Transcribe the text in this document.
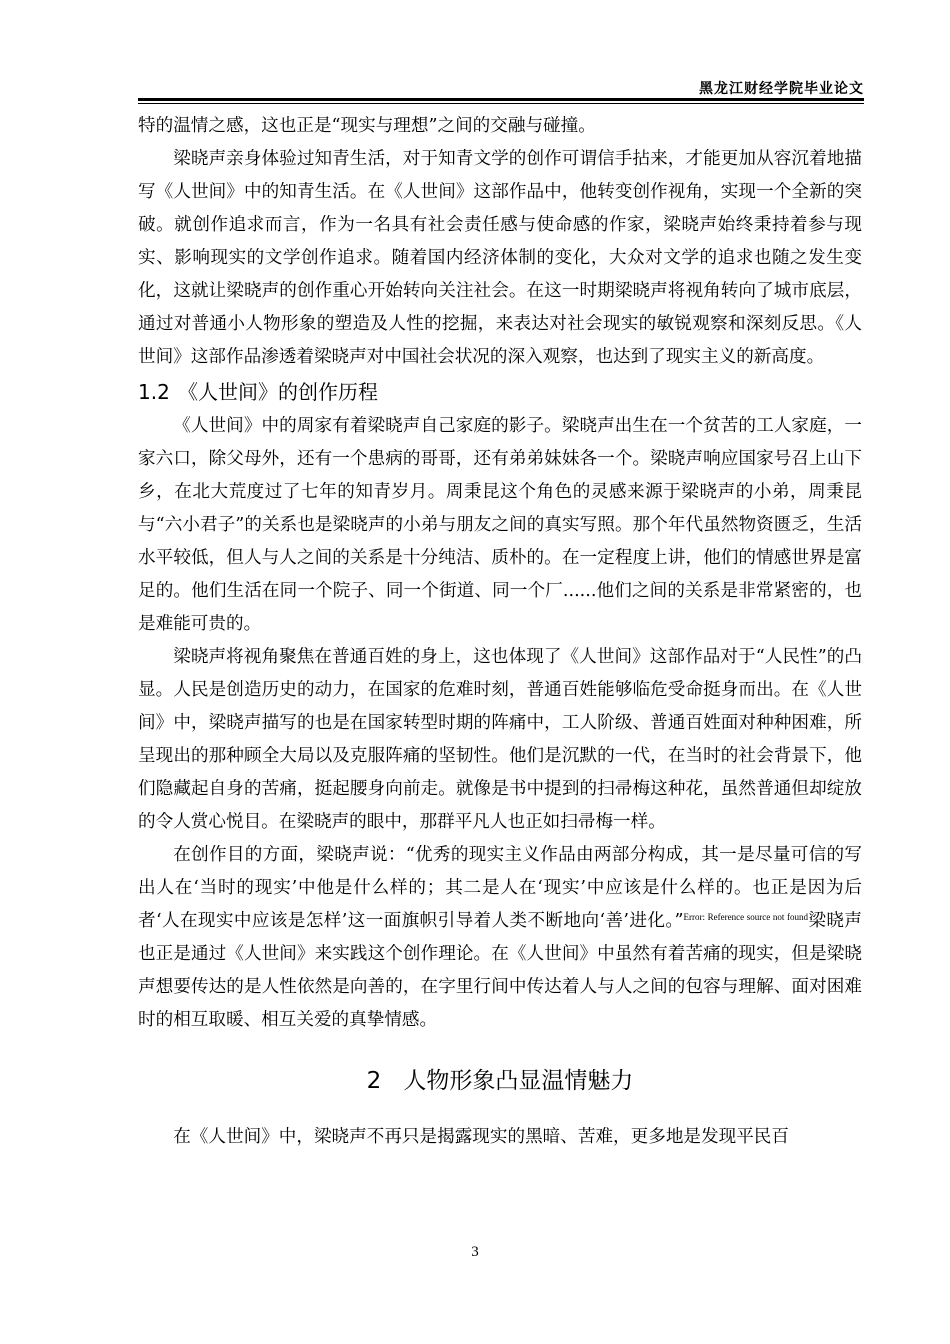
黑龙江财经学院毕业论文

特的温情之感，这也正是“现实与理想”之间的交融与碰撞。

梁晓声亲身体验过知青生活，对于知青文学的创作可谓信手拈来，才能更加从容沉着地描写《人世间》中的知青生活。在《人世间》这部作品中，他转变创作视角，实现一个全新的突破。就创作追求而言，作为一名具有社会责任感与使命感的作家，梁晓声始终秉持着参与现实、影响现实的文学创作追求。随着国内经济体制的变化，大众对文学的追求也随之发生变化，这就让梁晓声的创作重心开始转向关注社会。在这一时期梁晓声将视角转向了城市底层，通过对普通小人物形象的塑造及人性的挖掘，来表达对社会现实的敏锐观察和深刻反思。《人世间》这部作品渗透着梁晓声对中国社会状况的深入观察，也达到了现实主义的新高度。

1.2 《人世间》的创作历程

《人世间》中的周家有着梁晓声自己家庭的影子。梁晓声出生在一个贫苦的工人家庭，一家六口，除父母外，还有一个患病的哥哥，还有弟弟妹妹各一个。梁晓声响应国家号召上山下乡，在北大荒度过了七年的知青岁月。周秉昆这个角色的灵感来源于梁晓声的小弟，周秉昆与“六小君子”的关系也是梁晓声的小弟与朋友之间的真实写照。那个年代虽然物资匮乏，生活水平较低，但人与人之间的关系是十分纯洁、质朴的。在一定程度上讲，他们的情感世界是富足的。他们生活在同一个院子、同一个街道、同一个厂......他们之间的关系是非常紧密的，也是难能可贵的。

梁晓声将视角聚焦在普通百姓的身上，这也体现了《人世间》这部作品对于“人民性”的凸显。人民是创造历史的动力，在国家的危难时刻，普通百姓能够临危受命挺身而出。在《人世间》中，梁晓声描写的也是在国家转型时期的阵痛中，工人阶级、普通百姓面对种种困难，所呈现出的那种顾全大局以及克服阵痛的坚韧性。他们是沉默的一代，在当时的社会背景下，他们隐藏起自身的苦痛，挺起腰身向前走。就像是书中提到的扫帚梅这种花，虽然普通但却绽放的令人赏心悦目。在梁晓声的眼中，那群平凡人也正如扫帚梅一样。

在创作目的方面，梁晓声说：“优秀的现实主义作品由两部分构成，其一是尽量可信的写出人在‘当时的现实’中他是什么样的；其二是人在‘现实’中应该是什么样的。也正是因为后者‘人在现实中应该是怎样’这一面旗帜引导着人类不断地向‘善’进化。”$^{Error: Reference source not found}$梁晓声也正是通过《人世间》来实践这个创作理论。在《人世间》中虽然有着苦痛的现实，但是梁晓声想要传达的是人性依然是向善的，在字里行间中传达着人与人之间的包容与理解、面对困难时的相互取暖、相互关爱的真挚情感。

2 人物形象凸显温情魅力

在《人世间》中，梁晓声不再只是揭露现实的黑暗、苦难，更多地是发现平民百

3
